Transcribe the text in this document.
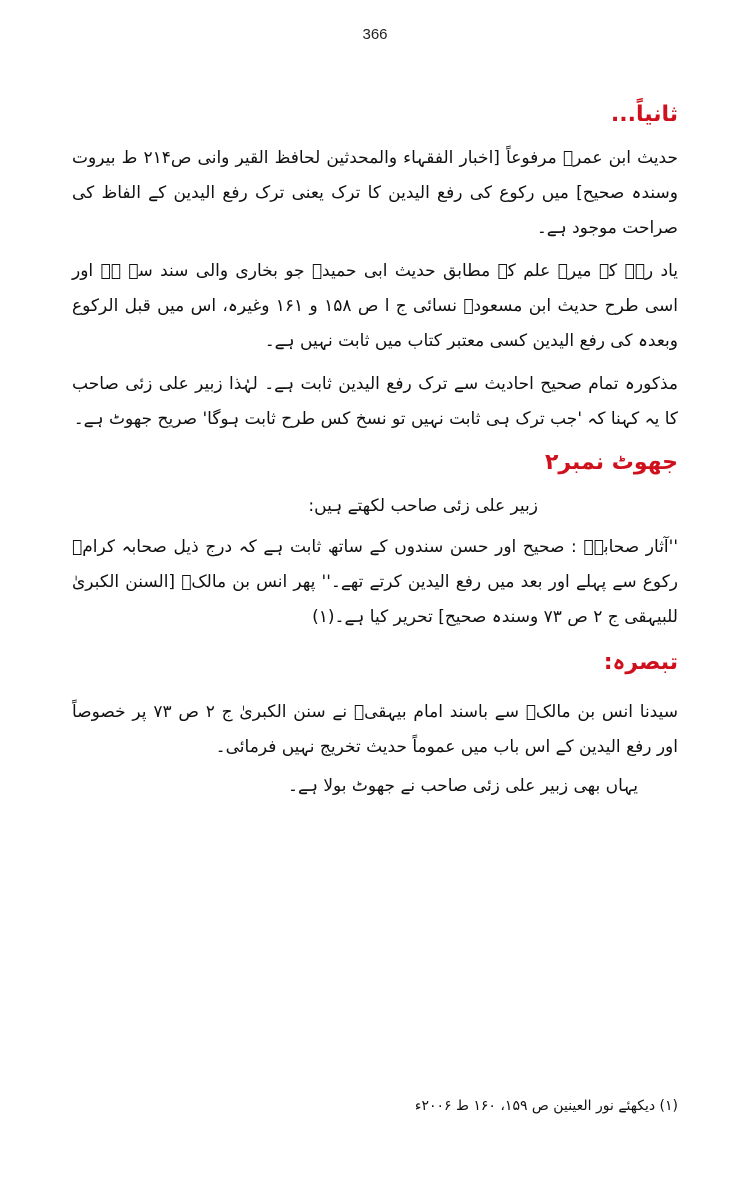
366
ثانیاً...

حدیث ابن عمرؓ مرفوعاً [اخبار الفقہاء والمحدثین لحافظ القیر وانی ص۲۱۴ ط بیروت وسندہ صحیح] میں رکوع کی رفع الیدین کا ترک یعنی ترک رفع الیدین کے الفاظ کی صراحت موجود ہے۔

یاد رہے کہ میرے علم کے مطابق حدیث ابی حمیدؓ جو بخاری والی سند سے ہے اور اسی طرح حدیث ابن مسعودؓ نسائی ج ا ص ۱۵۸ و ۱۶۱ وغیرہ، اس میں قبل الرکوع وبعدہ کی رفع الیدین کسی معتبر کتاب میں ثابت نہیں ہے۔

مذکورہ تمام صحیح احادیث سے ترک رفع الیدین ثابت ہے۔ لہٰذا زبیر علی زئی صاحب کا یہ کہنا کہ 'جب ترک ہی ثابت نہیں تو نسخ کس طرح ثابت ہوگا' صریح جھوٹ ہے۔

جھوٹ نمبر۲

زبیر علی زئی صاحب لکھتے ہیں:

''آثار صحابہؓ : صحیح اور حسن سندوں کے ساتھ ثابت ہے کہ درج ذیل صحابہ کرامؓ رکوع سے پہلے اور بعد میں رفع الیدین کرتے تھے۔'' پھر انس بن مالکؓ [السنن الکبریٰ للبیہقی ج ۲ ص ۷۳ وسندہ صحیح] تحریر کیا ہے۔(۱)

تبصرہ:

سیدنا انس بن مالکؓ سے باسند امام بیہقیؒ نے سنن الکبریٰ ج ۲ ص ۷۳ پر خصوصاً اور رفع الیدین کے اس باب میں عموماً حدیث تخریج نہیں فرمائی۔

یہاں بھی زبیر علی زئی صاحب نے جھوٹ بولا ہے۔

(۱) دیکھئے نور العینین ص ۱۵۹، ۱۶۰ ط ۲۰۰۶ء
